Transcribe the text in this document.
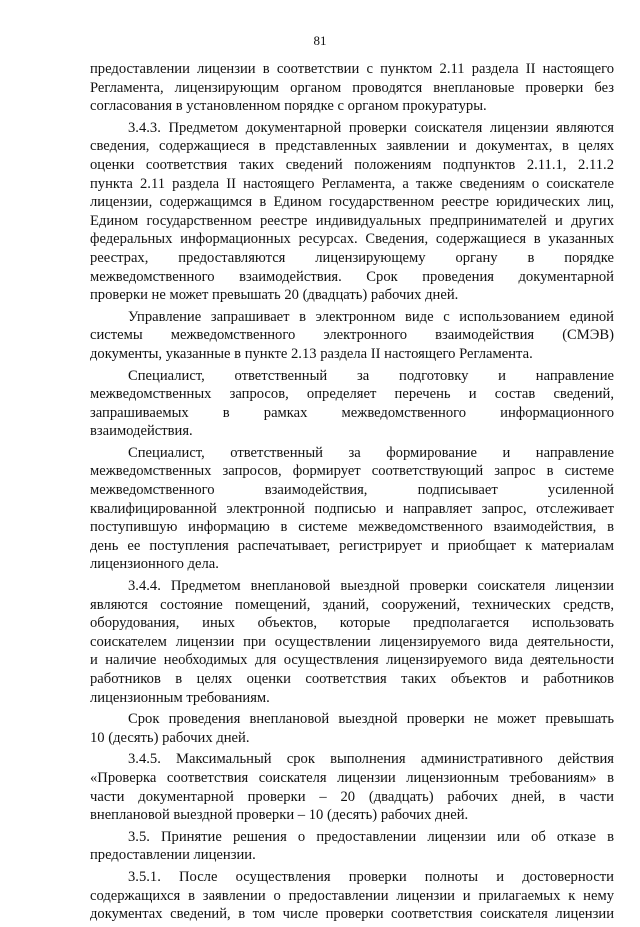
81
предоставлении лицензии в соответствии с пунктом 2.11 раздела II настоящего
Регламента, лицензирующим органом проводятся внеплановые проверки без
согласования в установленном порядке с органом прокуратуры.
3.4.3. Предметом документарной проверки соискателя лицензии являются
сведения, содержащиеся в представленных заявлении и документах, в целях
оценки соответствия таких сведений положениям подпунктов 2.11.1, 2.11.2
пункта 2.11 раздела II настоящего Регламента, а также сведениям о соискателе
лицензии, содержащимся в Едином государственном реестре юридических лиц,
Едином государственном реестре индивидуальных предпринимателей и других
федеральных информационных ресурсах. Сведения, содержащиеся в указанных
реестрах, предоставляются лицензирующему органу в порядке
межведомственного взаимодействия. Срок проведения документарной
проверки не может превышать 20 (двадцать) рабочих дней.
Управление запрашивает в электронном виде с использованием единой
системы межведомственного электронного взаимодействия (СМЭВ)
документы, указанные в пункте 2.13 раздела II настоящего Регламента.
Специалист, ответственный за подготовку и направление
межведомственных запросов, определяет перечень и состав сведений,
запрашиваемых в рамках межведомственного информационного
взаимодействия.
Специалист, ответственный за формирование и направление
межведомственных запросов, формирует соответствующий запрос в системе
межведомственного взаимодействия, подписывает усиленной
квалифицированной электронной подписью и направляет запрос, отслеживает
поступившую информацию в системе межведомственного взаимодействия, в
день ее поступления распечатывает, регистрирует и приобщает к материалам
лицензионного дела.
3.4.4. Предметом внеплановой выездной проверки соискателя лицензии
являются состояние помещений, зданий, сооружений, технических средств,
оборудования, иных объектов, которые предполагается использовать
соискателем лицензии при осуществлении лицензируемого вида деятельности,
и наличие необходимых для осуществления лицензируемого вида деятельности
работников в целях оценки соответствия таких объектов и работников
лицензионным требованиям.
Срок проведения внеплановой выездной проверки не может превышать
10 (десять) рабочих дней.
3.4.5. Максимальный срок выполнения административного действия
«Проверка соответствия соискателя лицензии лицензионным требованиям» в
части документарной проверки – 20 (двадцать) рабочих дней, в части
внеплановой выездной проверки – 10 (десять) рабочих дней.
3.5. Принятие решения о предоставлении лицензии или об отказе в
предоставлении лицензии.
3.5.1. После осуществления проверки полноты и достоверности
содержащихся в заявлении о предоставлении лицензии и прилагаемых к нему
документах сведений, в том числе проверки соответствия соискателя лицензии
